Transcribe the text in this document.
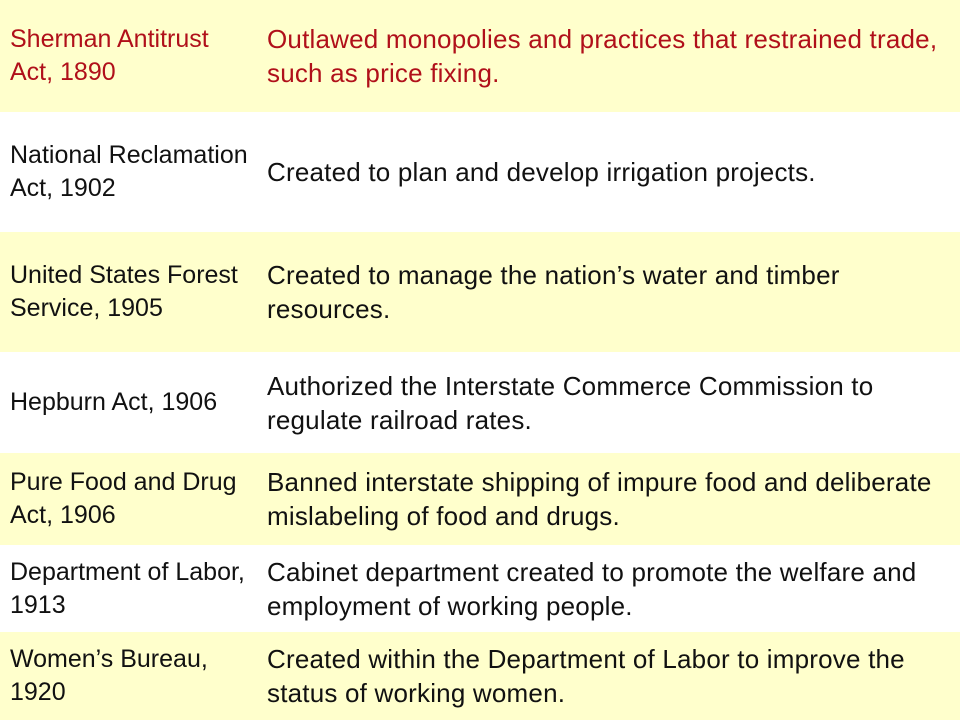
Sherman Antitrust Act, 1890
Outlawed monopolies and practices that restrained trade, such as price fixing.
National Reclamation Act, 1902
Created to plan and develop irrigation projects.
United States Forest Service, 1905
Created to manage the nation’s water and timber resources.
Hepburn Act, 1906
Authorized the Interstate Commerce Commission to regulate railroad rates.
Pure Food and Drug Act, 1906
Banned interstate shipping of impure food and deliberate mislabeling of food and drugs.
Department of Labor, 1913
Cabinet department created to promote the welfare and employment of working people.
Women’s Bureau, 1920
Created within the Department of Labor to improve the status of working women.
